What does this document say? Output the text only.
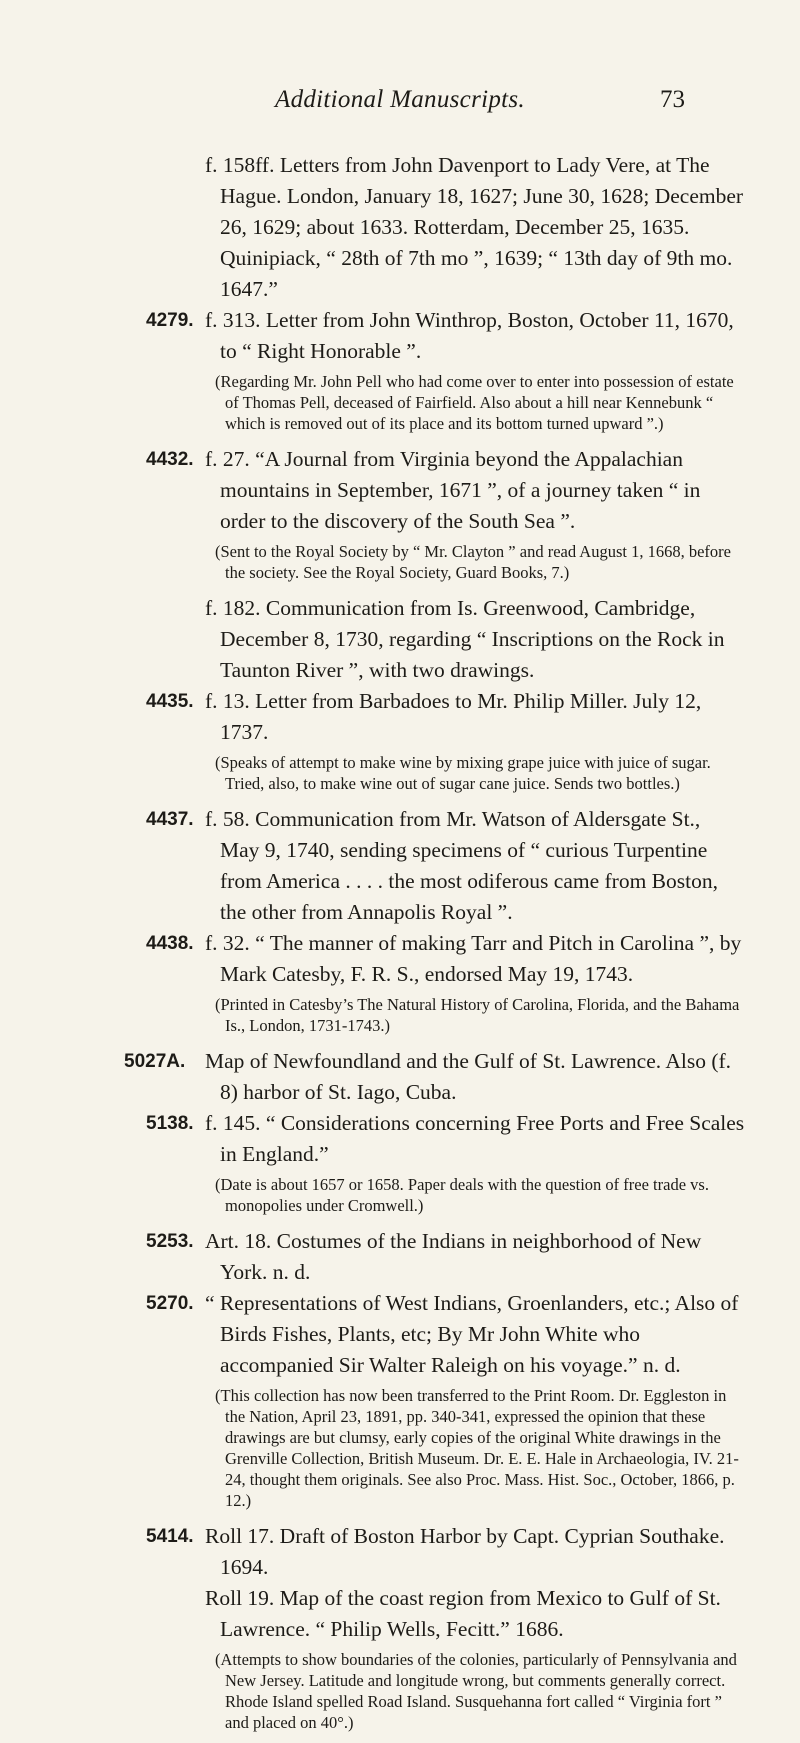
Additional Manuscripts.	73

f. 158ff. Letters from John Davenport to Lady Vere, at The Hague. London, January 18, 1627; June 30, 1628; December 26, 1629; about 1633. Rotterdam, December 25, 1635. Quinipiack, “ 28th of 7th mo ”, 1639; “ 13th day of 9th mo. 1647.”

4279. f. 313. Letter from John Winthrop, Boston, October 11, 1670, to “ Right Honorable ”.

(Regarding Mr. John Pell who had come over to enter into possession of estate of Thomas Pell, deceased of Fairfield. Also about a hill near Kennebunk “ which is removed out of its place and its bottom turned upward ”.)

4432. f. 27. “A Journal from Virginia beyond the Appalachian mountains in September, 1671 ”, of a journey taken “ in order to the discovery of the South Sea ”.

(Sent to the Royal Society by “ Mr. Clayton ” and read August 1, 1668, before the society. See the Royal Society, Guard Books, 7.)

f. 182. Communication from Is. Greenwood, Cambridge, December 8, 1730, regarding “ Inscriptions on the Rock in Taunton River ”, with two drawings.

4435. f. 13. Letter from Barbadoes to Mr. Philip Miller. July 12, 1737.

(Speaks of attempt to make wine by mixing grape juice with juice of sugar. Tried, also, to make wine out of sugar cane juice. Sends two bottles.)

4437. f. 58. Communication from Mr. Watson of Aldersgate St., May 9, 1740, sending specimens of “ curious Turpentine from America . . . . the most odiferous came from Boston, the other from Annapolis Royal ”.

4438. f. 32. “ The manner of making Tarr and Pitch in Carolina ”, by Mark Catesby, F. R. S., endorsed May 19, 1743.

(Printed in Catesby’s The Natural History of Carolina, Florida, and the Bahama Is., London, 1731-1743.)

5027A. Map of Newfoundland and the Gulf of St. Lawrence. Also (f. 8) harbor of St. Iago, Cuba.

5138. f. 145. “ Considerations concerning Free Ports and Free Scales in England.”

(Date is about 1657 or 1658. Paper deals with the question of free trade vs. monopolies under Cromwell.)

5253. Art. 18. Costumes of the Indians in neighborhood of New York. n. d.

5270. “ Representations of West Indians, Groenlanders, etc.; Also of Birds Fishes, Plants, etc; By Mr John White who accompanied Sir Walter Raleigh on his voyage.” n. d.

(This collection has now been transferred to the Print Room. Dr. Eggleston in the Nation, April 23, 1891, pp. 340-341, expressed the opinion that these drawings are but clumsy, early copies of the original White drawings in the Grenville Collection, British Museum. Dr. E. E. Hale in Archaeologia, IV. 21-24, thought them originals. See also Proc. Mass. Hist. Soc., October, 1866, p. 12.)

5414. Roll 17. Draft of Boston Harbor by Capt. Cyprian Southake. 1694.

Roll 19. Map of the coast region from Mexico to Gulf of St. Lawrence. “ Philip Wells, Fecitt.” 1686.

(Attempts to show boundaries of the colonies, particularly of Pennsylvania and New Jersey. Latitude and longitude wrong, but comments generally correct. Rhode Island spelled Road Island. Susquehanna fort called “ Virginia fort ” and placed on 40°.)
